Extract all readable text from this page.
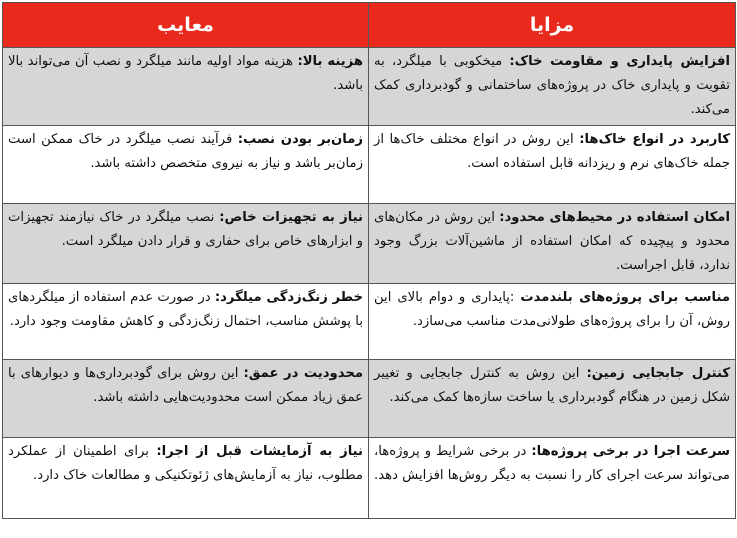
مزایا	معایب
افزایش پایداری و مقاومت خاک: میخکوبی با میلگرد، به تقویت و پایداری خاک در پروژه‌های ساختمانی و گودبرداری کمک می‌کند.	هزینه بالا: هزینه مواد اولیه مانند میلگرد و نصب آن می‌تواند بالا باشد.
کاربرد در انواع خاک‌ها: این روش در انواع مختلف خاک‌ها از جمله خاک‌های نرم و ریزدانه قابل استفاده است.	زمان‌بر بودن نصب: فرآیند نصب میلگرد در خاک ممکن است زمان‌بر باشد و نیاز به نیروی متخصص داشته باشد.
امکان استفاده در محیط‌های محدود: این روش در مکان‌های محدود و پیچیده که امکان استفاده از ماشین‌آلات بزرگ وجود ندارد، قابل اجراست.	نیاز به تجهیزات خاص: نصب میلگرد در خاک نیازمند تجهیزات و ابزارهای خاص برای حفاری و قرار دادن میلگرد است.
مناسب برای پروژه‌های بلندمدت :پایداری و دوام بالای این روش، آن را برای پروژه‌های طولانی‌مدت مناسب می‌سازد.	خطر زنگ‌زدگی میلگرد: در صورت عدم استفاده از میلگردهای با پوشش مناسب، احتمال زنگ‌زدگی و کاهش مقاومت وجود دارد.
کنترل جابجایی زمین: این روش به کنترل جابجایی و تغییر شکل زمین در هنگام گودبرداری یا ساخت سازه‌ها کمک می‌کند.	محدودیت در عمق: این روش برای گودبرداری‌ها و دیوارهای با عمق زیاد ممکن است محدودیت‌هایی داشته باشد.
سرعت اجرا در برخی پروژه‌ها: در برخی شرایط و پروژه‌ها، می‌تواند سرعت اجرای کار را نسبت به دیگر روش‌ها افزایش دهد.	نیاز به آزمایشات قبل از اجرا: برای اطمینان از عملکرد مطلوب، نیاز به آزمایش‌های ژئوتکنیکی و مطالعات خاک دارد.
